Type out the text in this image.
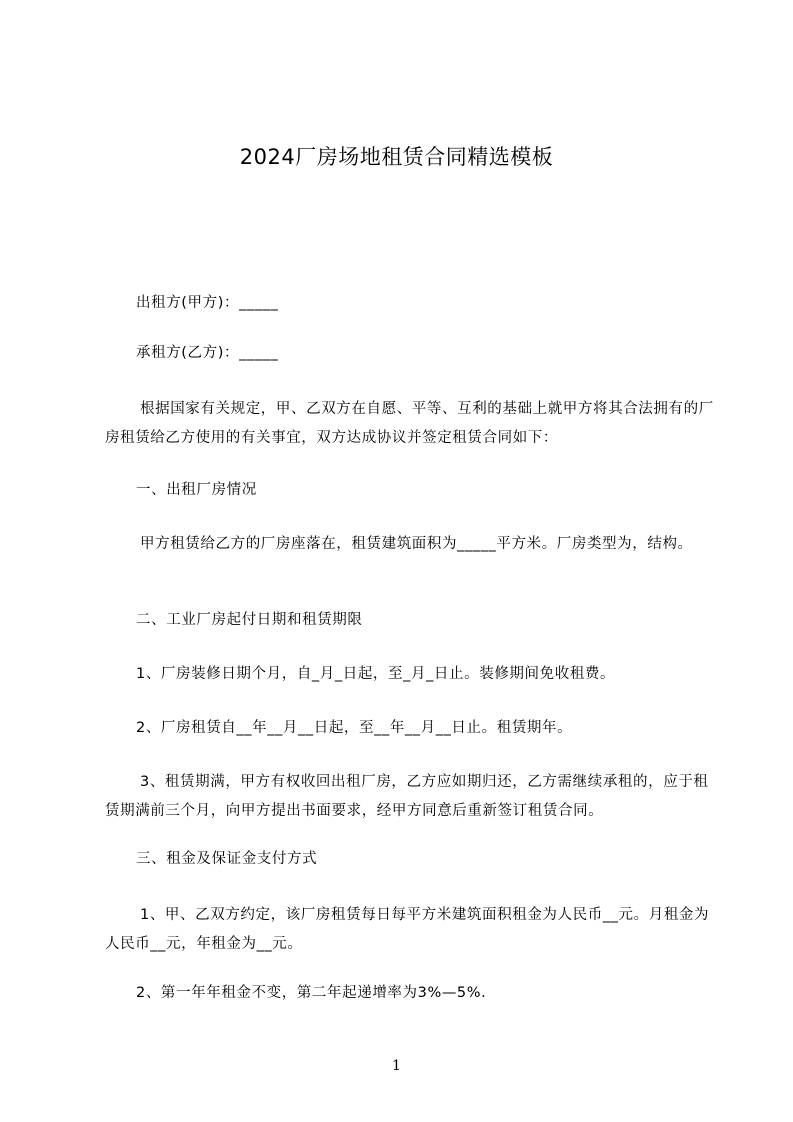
2024厂房场地租赁合同精选模板

出租方(甲方)：_____

承租方(乙方)：_____

根据国家有关规定，甲、乙双方在自愿、平等、互利的基础上就甲方将其合法拥有的厂房租赁给乙方使用的有关事宜，双方达成协议并签定租赁合同如下：

一、出租厂房情况

甲方租赁给乙方的厂房座落在，租赁建筑面积为_____平方米。厂房类型为，结构。

二、工业厂房起付日期和租赁期限

1、厂房装修日期个月，自_月_日起，至_月_日止。装修期间免收租费。

2、厂房租赁自__年__月__日起，至__年__月__日止。租赁期年。

3、租赁期满，甲方有权收回出租厂房，乙方应如期归还，乙方需继续承租的，应于租赁期满前三个月，向甲方提出书面要求，经甲方同意后重新签订租赁合同。

三、租金及保证金支付方式

1、甲、乙双方约定，该厂房租赁每日每平方米建筑面积租金为人民币__元。月租金为人民币__元，年租金为__元。

2、第一年年租金不变，第二年起递增率为3%—5%.

1
